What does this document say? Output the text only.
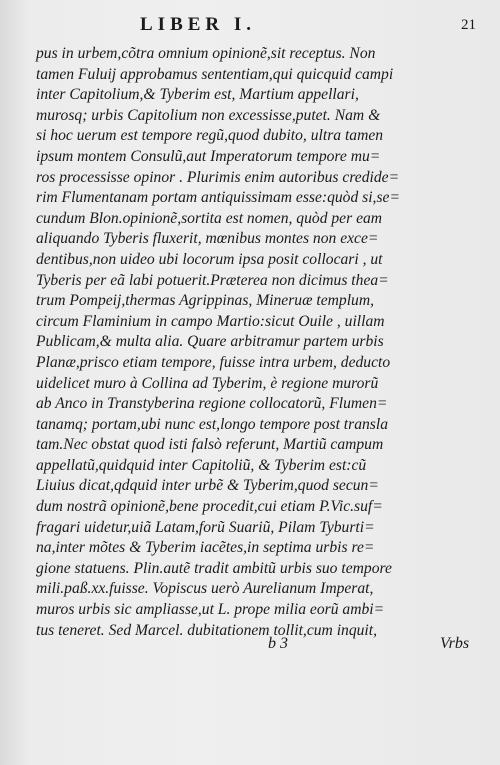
LIBER I.	21
pus in urbem,cõtra omnium opinionẽ,sit receptus. Non
tamen Fuluij approbamus sententiam,qui quicquid campi
inter Capitolium,& Tyberim est, Martium appellari,
murosq; urbis Capitolium non excessisse,putet. Nam &
si hoc uerum est tempore regũ,quod dubito, ultra tamen
ipsum montem Consulũ,aut Imperatorum tempore mu=
ros processisse opinor . Plurimis enim autoribus credide=
rim Flumentanam portam antiquissimam esse:quòd si,se=
cundum Blon.opinionẽ,sortita est nomen, quòd per eam
aliquando Tyberis fluxerit, mœnibus montes non exce=
dentibus,non uideo ubi locorum ipsa posit collocari , ut
Tyberis per eã labi potuerit.Præterea non dicimus thea=
trum Pompeij,thermas Agrippinas, Mineruæ templum,
circum Flaminium in campo Martio:sicut Ouile , uillam
Publicam,& multa alia. Quare arbitramur partem urbis
Planæ,prisco etiam tempore, fuisse intra urbem, deducto
uidelicet muro à Collina ad Tyberim, è regione murorũ
ab Anco in Transtyberina regione collocatorũ, Flumen=
tanamq; portam,ubi nunc est,longo tempore post transla
tam.Nec obstat quod isti falsò referunt, Martiũ campum
appellatũ,quidquid inter Capitoliũ, & Tyberim est:cũ
Liuius dicat,qdquid inter urbẽ & Tyberim,quod secun=
dum nostrã opinionẽ,bene procedit,cui etiam P.Vic.suf=
fragari uidetur,uiã Latam,forũ Suariũ, Pilam Tyburti=
na,inter mõtes & Tyberim iacẽtes,in septima urbis re=
gione statuens. Plin.autẽ tradit ambitũ urbis suo tempore
mili.paß.xx.fuisse. Vopiscus uerò Aurelianum Imperat,
muros urbis sic ampliasse,ut L. prope milia eorũ ambi=
tus teneret. Sed Marcel. dubitationem tollit,cum inquit,
b 3	Vrbs
